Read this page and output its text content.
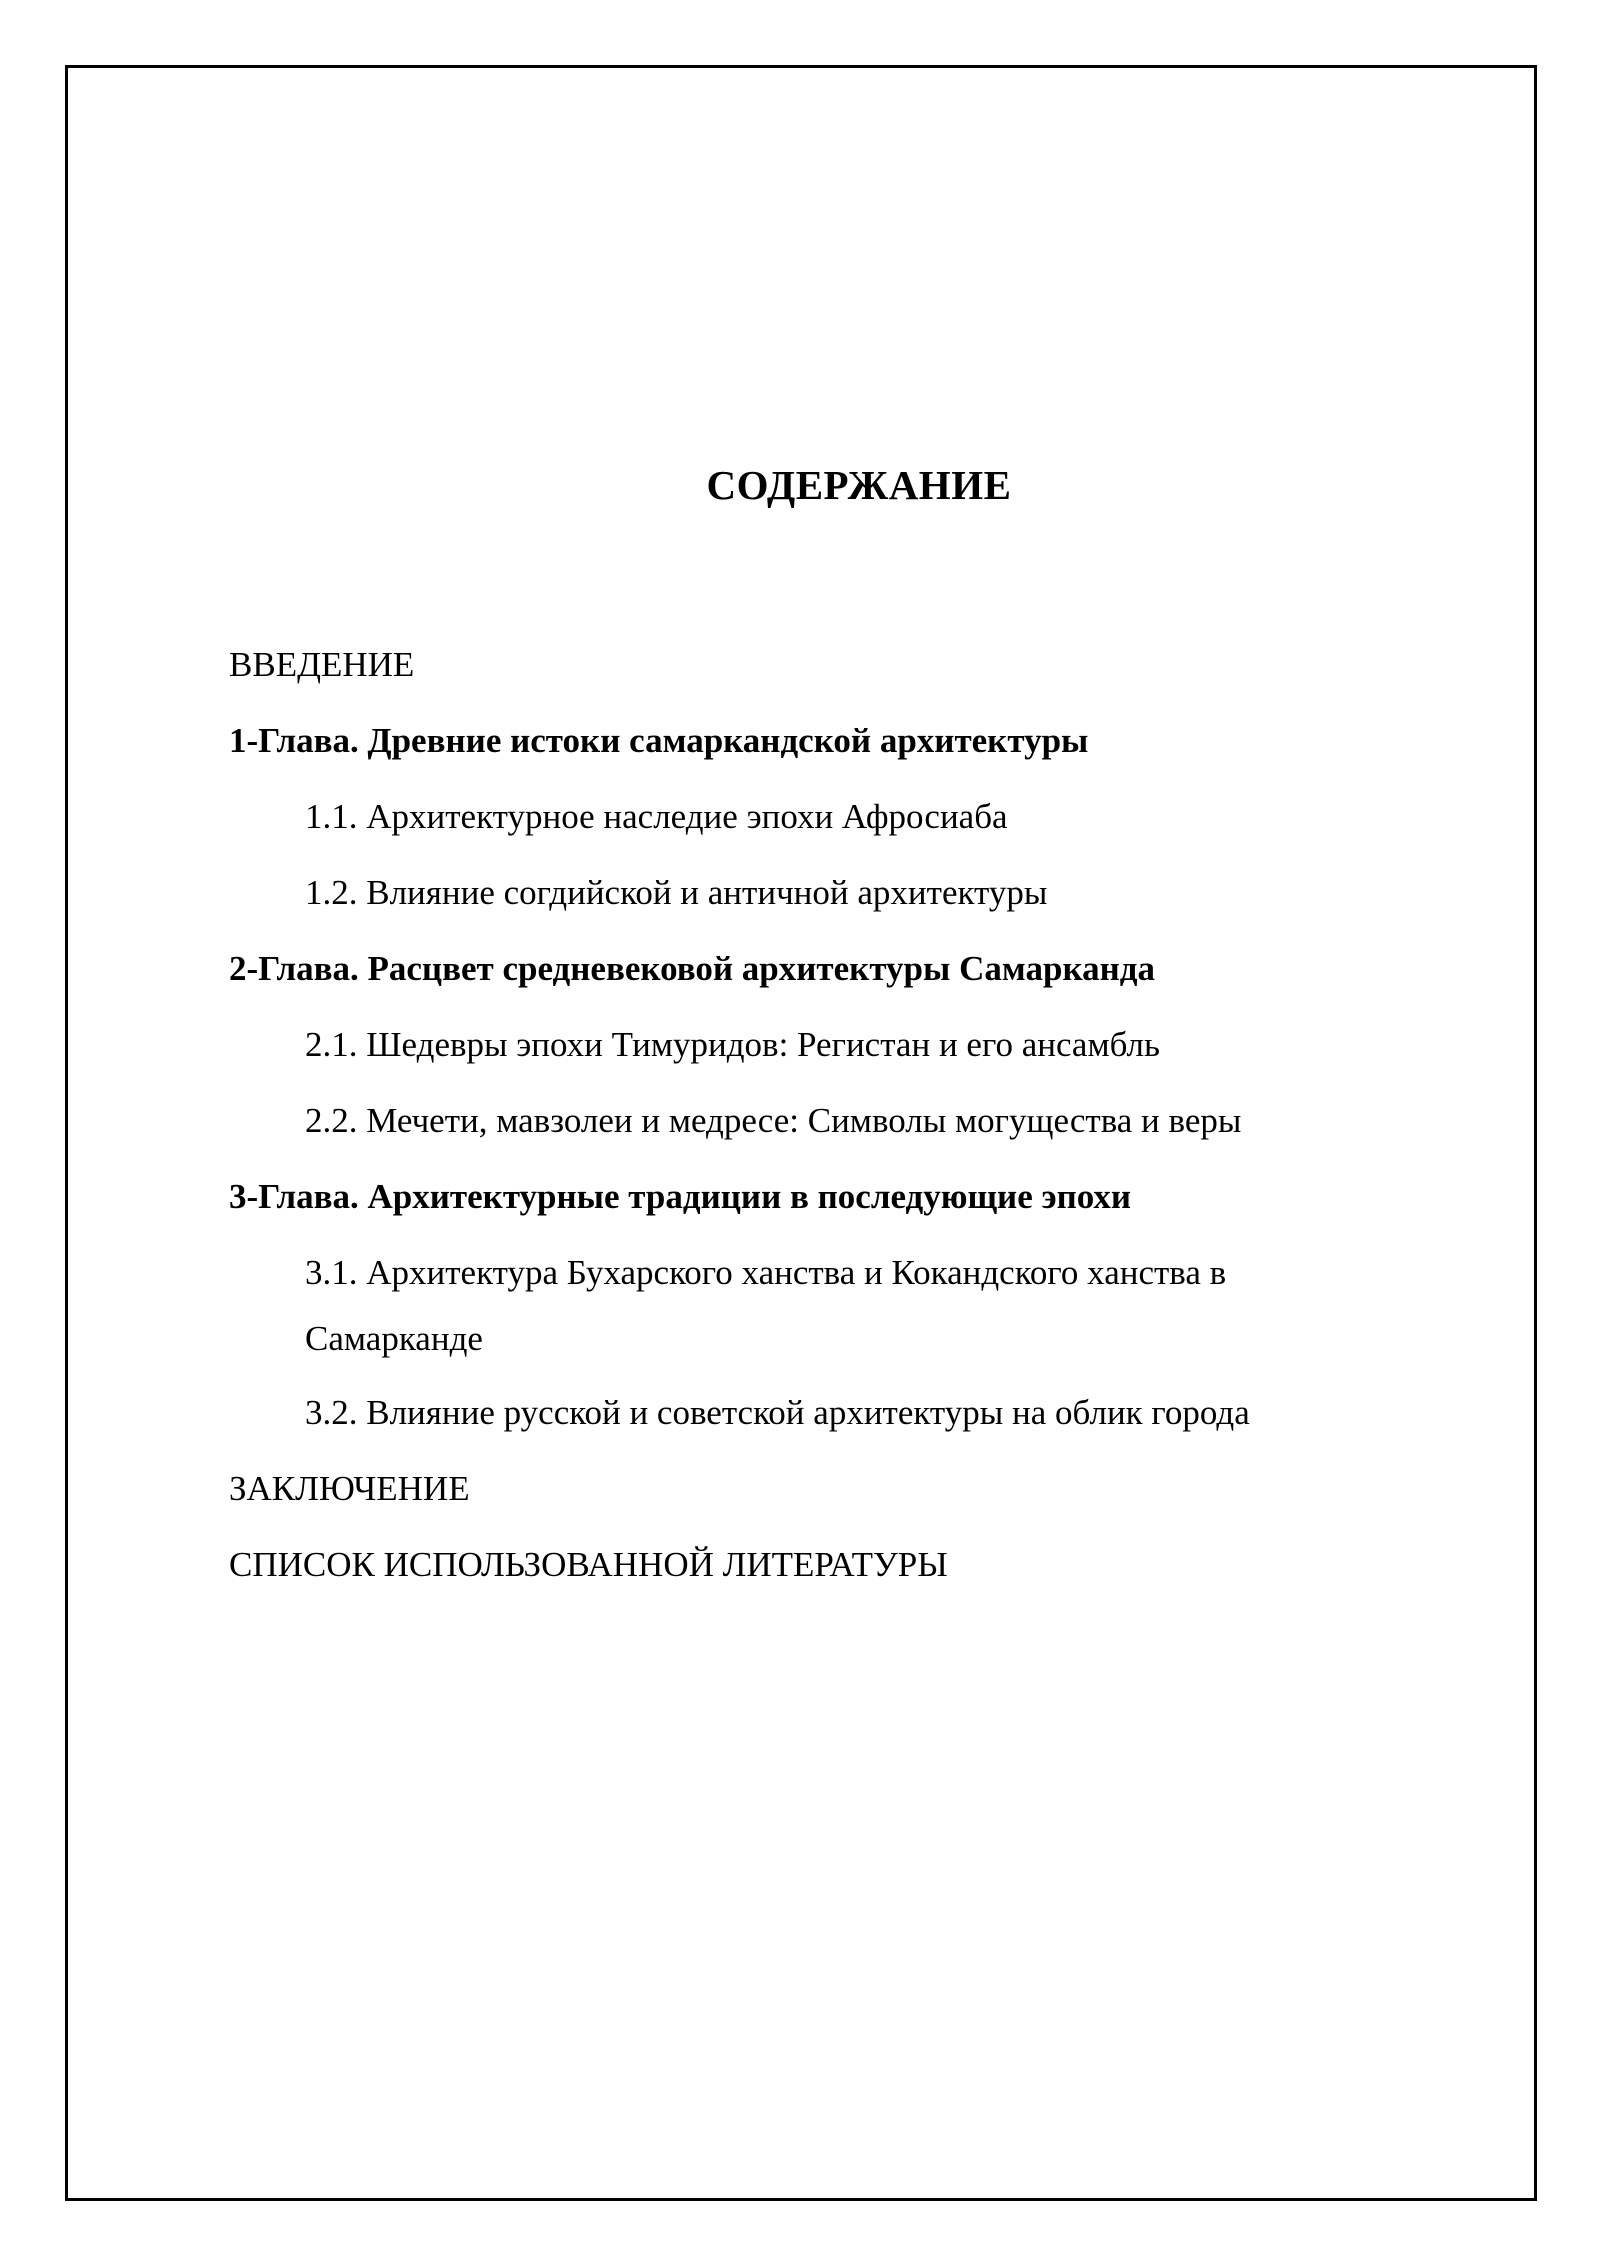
СОДЕРЖАНИЕ
ВВЕДЕНИЕ
1-Глава. Древние истоки самаркандской архитектуры
1.1. Архитектурное наследие эпохи Афросиаба
1.2. Влияние согдийской и античной архитектуры
2-Глава. Расцвет средневековой архитектуры Самарканда
2.1. Шедевры эпохи Тимуридов: Регистан и его ансамбль
2.2. Мечети, мавзолеи и медресе: Символы могущества и веры
3-Глава. Архитектурные традиции в последующие эпохи
3.1. Архитектура Бухарского ханства и Кокандского ханства в Самарканде
3.2. Влияние русской и советской архитектуры на облик города
ЗАКЛЮЧЕНИЕ
СПИСОК ИСПОЛЬЗОВАННОЙ ЛИТЕРАТУРЫ
